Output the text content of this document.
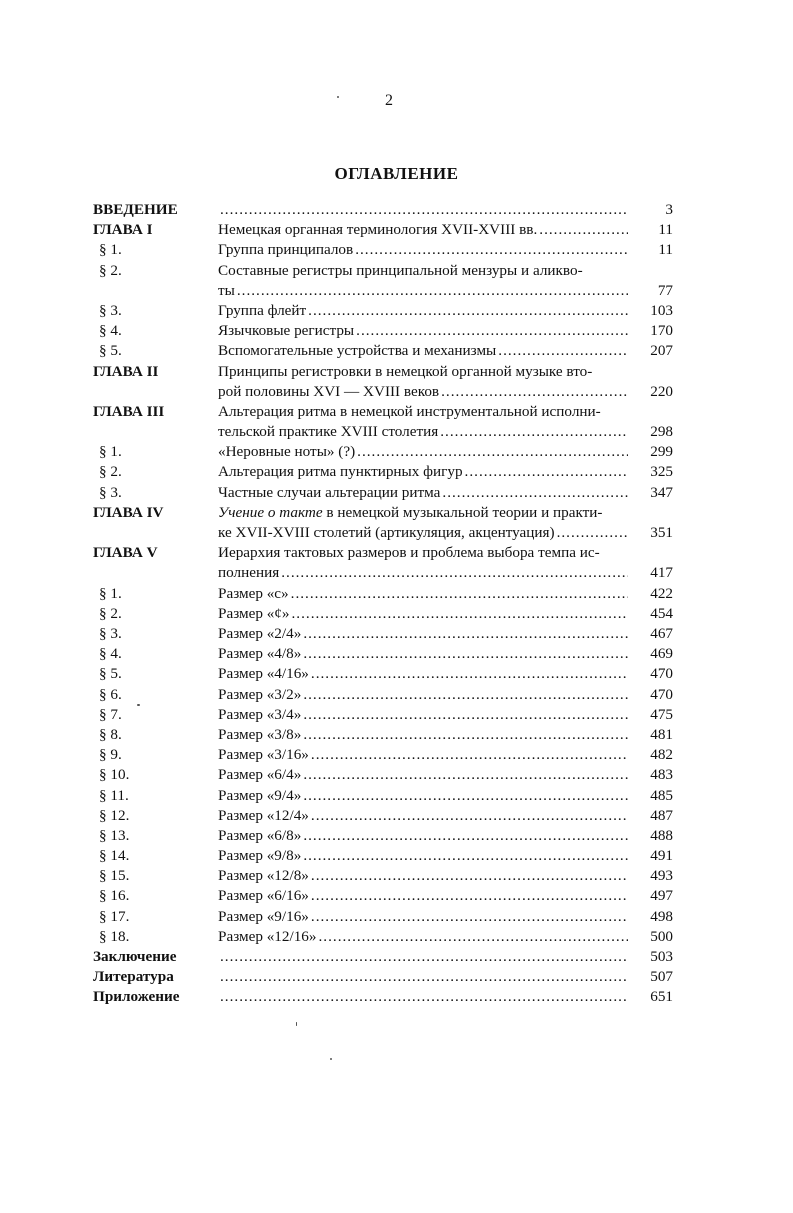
2
ОГЛАВЛЕНИЕ
ВВЕДЕНИЕ .....	3
ГЛАВА I	Немецкая органная терминология XVII-XVIII вв. .....	11
§ 1.	Группа принципалов .....	11
§ 2.	Составные регистры принципальной мензуры и аликво-
ты .....	77
§ 3.	Группа флейт .....	103
§ 4.	Язычковые регистры .....	170
§ 5.	Вспомогательные устройства и механизмы .....	207
ГЛАВА II	Принципы регистровки в немецкой органной музыке вто-
рой половины XVI — XVIII веков .....	220
ГЛАВА III	Альтерация ритма в немецкой инструментальной исполни-
тельской практике XVIII столетия .....	298
§ 1.	«Неровные ноты» (?) .....	299
§ 2.	Альтерация ритма пунктирных фигур .....	325
§ 3.	Частные случаи альтерации ритма .....	347
ГЛАВА IV	Учение о такте в немецкой музыкальной теории и практи-
ке XVII-XVIII столетий (артикуляция, акцентуация) .....	351
ГЛАВА V	Иерархия тактовых размеров и проблема выбора темпа ис-
полнения .....	417
§ 1.	Размер «с» .....	422
§ 2.	Размер «¢» .....	454
§ 3.	Размер «2/4» .....	467
§ 4.	Размер «4/8» .....	469
§ 5.	Размер «4/16» .....	470
§ 6.	Размер «3/2» .....	470
§ 7.	Размер «3/4» .....	475
§ 8.	Размер «3/8» .....	481
§ 9.	Размер «3/16» .....	482
§ 10.	Размер «6/4» .....	483
§ 11.	Размер «9/4» .....	485
§ 12.	Размер «12/4» .....	487
§ 13.	Размер «6/8» .....	488
§ 14.	Размер «9/8» .....	491
§ 15.	Размер «12/8» .....	493
§ 16.	Размер «6/16» .....	497
§ 17.	Размер «9/16» .....	498
§ 18.	Размер «12/16» .....	500
Заключение .....	503
Литература .....	507
Приложение .....	651
